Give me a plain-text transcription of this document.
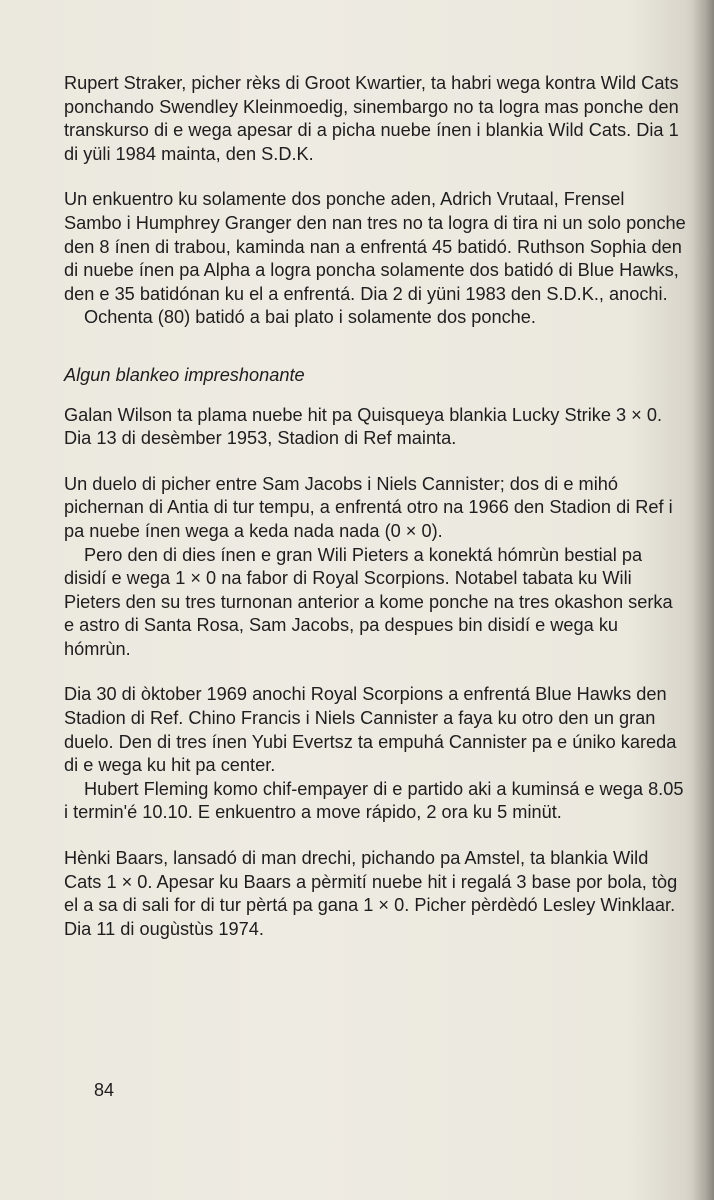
Rupert Straker, picher rèks di Groot Kwartier, ta habri wega kontra Wild Cats ponchando Swendley Kleinmoedig, sinembargo no ta logra mas ponche den transkurso di e wega apesar di a picha nuebe ínen i blankia Wild Cats. Dia 1 di yüli 1984 mainta, den S.D.K.

Un enkuentro ku solamente dos ponche aden, Adrich Vrutaal, Frensel Sambo i Humphrey Granger den nan tres no ta logra di tira ni un solo ponche den 8 ínen di trabou, kaminda nan a enfrentá 45 batidó. Ruthson Sophia den di nuebe ínen pa Alpha a logra poncha solamente dos batidó di Blue Hawks, den e 35 batidónan ku el a enfrentá. Dia 2 di yüni 1983 den S.D.K., anochi.

Ochenta (80) batidó a bai plato i solamente dos ponche.

Algun blankeo impreshonante

Galan Wilson ta plama nuebe hit pa Quisqueya blankia Lucky Strike 3 × 0. Dia 13 di desèmber 1953, Stadion di Ref mainta.

Un duelo di picher entre Sam Jacobs i Niels Cannister; dos di e mihó pichernan di Antia di tur tempu, a enfrentá otro na 1966 den Stadion di Ref i pa nuebe ínen wega a keda nada nada (0 × 0).

Pero den di dies ínen e gran Wili Pieters a konektá hómrùn bestial pa disidí e wega 1 × 0 na fabor di Royal Scorpions. Notabel tabata ku Wili Pieters den su tres turnonan anterior a kome ponche na tres okashon serka e astro di Santa Rosa, Sam Jacobs, pa despues bin disidí e wega ku hómrùn.

Dia 30 di òktober 1969 anochi Royal Scorpions a enfrentá Blue Hawks den Stadion di Ref. Chino Francis i Niels Cannister a faya ku otro den un gran duelo. Den di tres ínen Yubi Evertsz ta empuhá Cannister pa e úniko kareda di e wega ku hit pa center.

Hubert Fleming komo chif-empayer di e partido aki a kuminsá e wega 8.05 i termin'é 10.10. E enkuentro a move rápido, 2 ora ku 5 minüt.

Hènki Baars, lansadó di man drechi, pichando pa Amstel, ta blankia Wild Cats 1 × 0. Apesar ku Baars a pèrmití nuebe hit i regalá 3 base por bola, tòg el a sa di sali for di tur pèrtá pa gana 1 × 0. Picher pèrdèdó Lesley Winklaar. Dia 11 di ougùstùs 1974.

84
